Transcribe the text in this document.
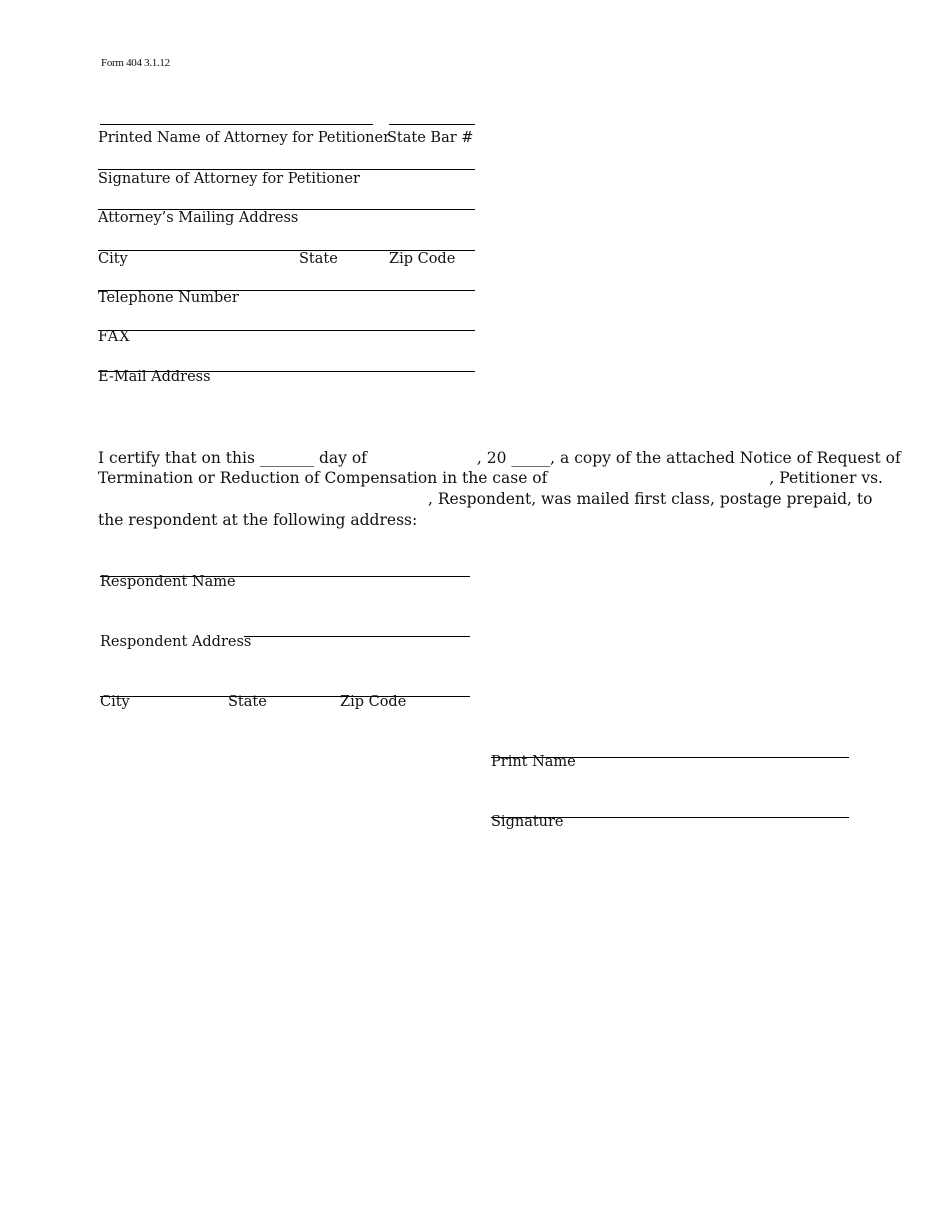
Form 404 3.1.12
Printed Name of Attorney for Petitioner
State Bar #
Signature of Attorney for Petitioner
Attorney’s Mailing Address
City	State	Zip Code
Telephone Number
FAX
E-Mail Address
I certify that on this _______ day of	, 20 _____, a copy of the attached Notice of Request of
Termination or Reduction of Compensation in the case of	, Petitioner vs.
, Respondent, was mailed first class, postage prepaid, to
the respondent at the following address:
Respondent Name
Respondent Address
City	State	Zip Code
Print Name
Signature
